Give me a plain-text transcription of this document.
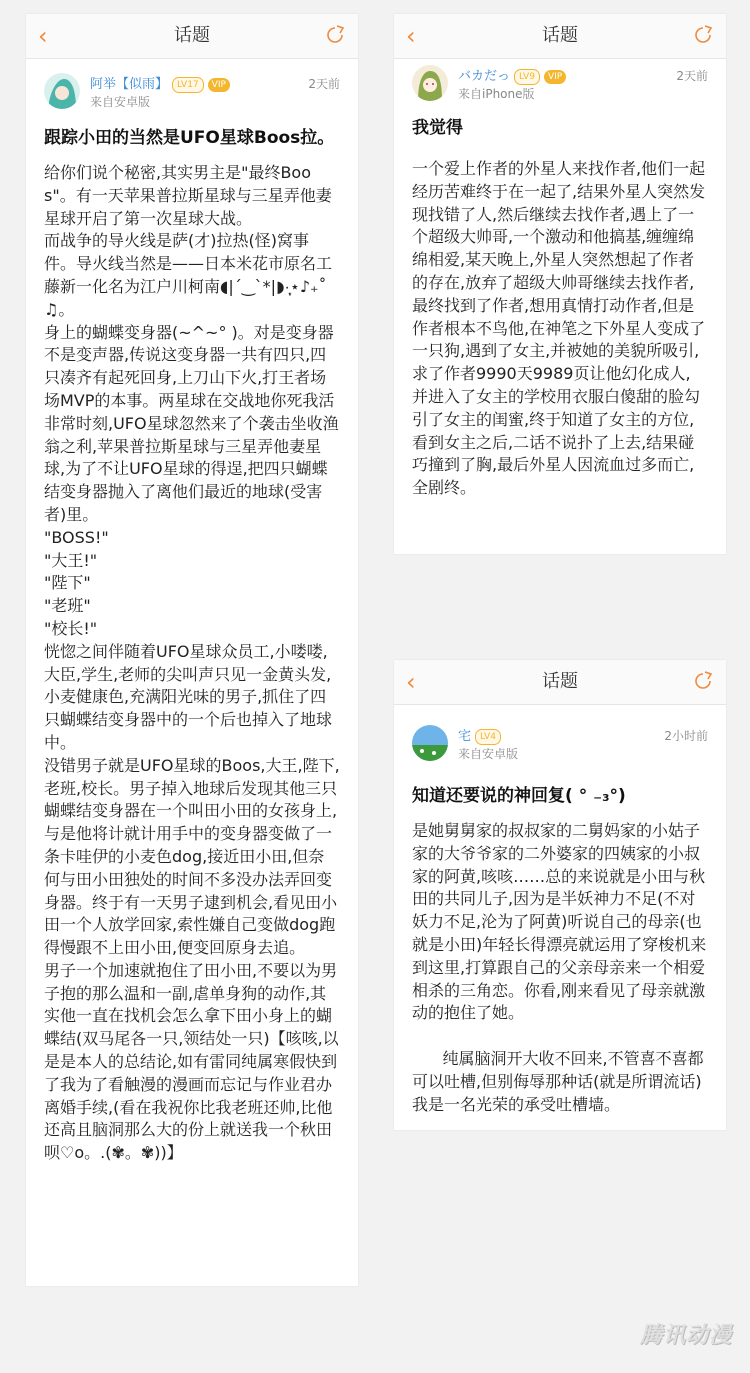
‹	话题
阿举【似雨】 LV17 VIP
来自安卓版
2天前
跟踪小田的当然是UFO星球Boos拉。
给你们说个秘密,其实男主是"最终Boos"。有一天苹果普拉斯星球与三星弄他妻星球开启了第一次星球大战。
而战争的导火线是萨(才)拉热(怪)窝事件。导火线当然是——日本米花市原名工藤新一化名为江户川柯南◖|´‿`*|◗·̩͙⋆♪₊˚♫。
身上的蝴蝶变身器(~^~° )。对是变身器不是变声器,传说这变身器一共有四只,四只凑齐有起死回身,上刀山下火,打王者场场MVP的本事。两星球在交战地你死我活非常时刻,UFO星球忽然来了个袭击坐收渔翁之利,苹果普拉斯星球与三星弄他妻星球,为了不让UFO星球的得逞,把四只蝴蝶结变身器抛入了离他们最近的地球(受害者)里。
"BOSS!"
"大王!"
"陛下"
"老班"
"校长!"
恍惚之间伴随着UFO星球众员工,小喽喽,大臣,学生,老师的尖叫声只见一金黄头发,小麦健康色,充满阳光味的男子,抓住了四只蝴蝶结变身器中的一个后也掉入了地球中。
没错男子就是UFO星球的Boos,大王,陛下,老班,校长。男子掉入地球后发现其他三只蝴蝶结变身器在一个叫田小田的女孩身上,与是他将计就计用手中的变身器变做了一条卡哇伊的小麦色dog,接近田小田,但奈何与田小田独处的时间不多没办法弄回变身器。终于有一天男子逮到机会,看见田小田一个人放学回家,索性嫌自己变做dog跑得慢跟不上田小田,便变回原身去追。
男子一个加速就抱住了田小田,不要以为男子抱的那么温和一副,虐单身狗的动作,其实他一直在找机会怎么拿下田小身上的蝴蝶结(双马尾各一只,领结处一只)【咳咳,以是是本人的总结论,如有雷同纯属寒假快到了我为了看触漫的漫画而忘记与作业君办离婚手续,(看在我祝你比我老班还帅,比他还高且脑洞那么大的份上就送我一个秋田呗♡o。.(✾。✾))】
‹	话题
バカだっ LV9 VIP
来自iPhone版
2天前
我觉得
一个爱上作者的外星人来找作者,他们一起经历苦难终于在一起了,结果外星人突然发现找错了人,然后继续去找作者,遇上了一个超级大帅哥,一个激动和他搞基,缠缠绵绵相爱,某天晚上,外星人突然想起了作者的存在,放弃了超级大帅哥继续去找作者,最终找到了作者,想用真情打动作者,但是作者根本不鸟他,在神笔之下外星人变成了一只狗,遇到了女主,并被她的美貌所吸引,求了作者9990天9989页让他幻化成人, 并进入了女主的学校用衣服白傻甜的脸勾引了女主的闺蜜,终于知道了女主的方位,看到女主之后,二话不说扑了上去,结果碰巧撞到了胸,最后外星人因流血过多而亡,全剧终。
‹	话题
宅 LV4
来自安卓版
2小时前
知道还要说的神回复( ° ₋₃°)
是她舅舅家的叔叔家的二舅妈家的小姑子家的大爷爷家的二外婆家的四姨家的小叔家的阿黄,咳咳……总的来说就是小田与秋田的共同儿子,因为是半妖神力不足(不对妖力不足,沦为了阿黄)听说自己的母亲(也就是小田)年轻长得漂亮就运用了穿梭机来到这里,打算跟自己的父亲母亲来一个相爱相杀的三角恋。你看,刚来看见了母亲就激动的抱住了她。

纯属脑洞开大收不回来,不管喜不喜都可以吐槽,但别侮辱那种话(就是所谓流话)我是一名光荣的承受吐槽墙。
腾讯动漫
